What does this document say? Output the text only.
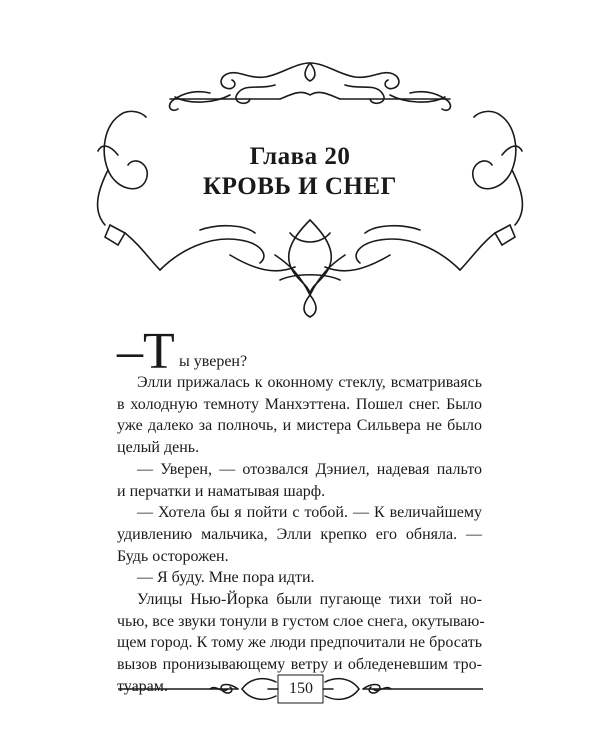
Глава 20
КРОВЬ И СНЕГ
–Т ы уверен?

Элли прижалась к оконному стеклу, всматриваясь
в холодную темноту Манхэттена. Пошел снег. Было
уже далеко за полночь, и мистера Сильвера не было
целый день.

— Уверен, — отозвался Дэниел, надевая пальто
и перчатки и наматывая шарф.

— Хотела бы я пойти с тобой. — К величайшему
удивлению мальчика, Элли крепко его обняла. —
Будь осторожен.

— Я буду. Мне пора идти.

Улицы Нью-Йорка были пугающе тихи той но-
чью, все звуки тонули в густом слое снега, окутываю-
щем город. К тому же люди предпочитали не бросать
вызов пронизывающему ветру и обледеневшим тро-
туарам.	150
